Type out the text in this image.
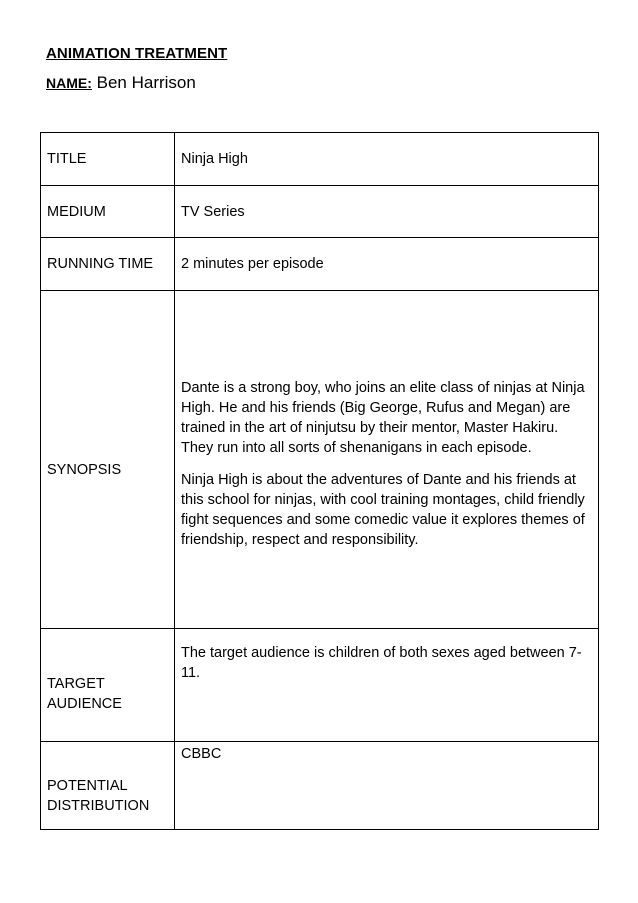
ANIMATION TREATMENT
NAME: Ben Harrison
TITLE	Ninja High
MEDIUM	TV Series
RUNNING TIME	2 minutes per episode
SYNOPSIS	Dante is a strong boy, who joins an elite class of ninjas at Ninja High. He and his friends (Big George, Rufus and Megan) are trained in the art of ninjutsu by their mentor, Master Hakiru. They run into all sorts of shenanigans in each episode.

Ninja High is about the adventures of Dante and his friends at this school for ninjas, with cool training montages, child friendly fight sequences and some comedic value it explores themes of friendship, respect and responsibility.

TARGET AUDIENCE	The target audience is children of both sexes aged between 7-11.
POTENTIAL DISTRIBUTION	CBBC
